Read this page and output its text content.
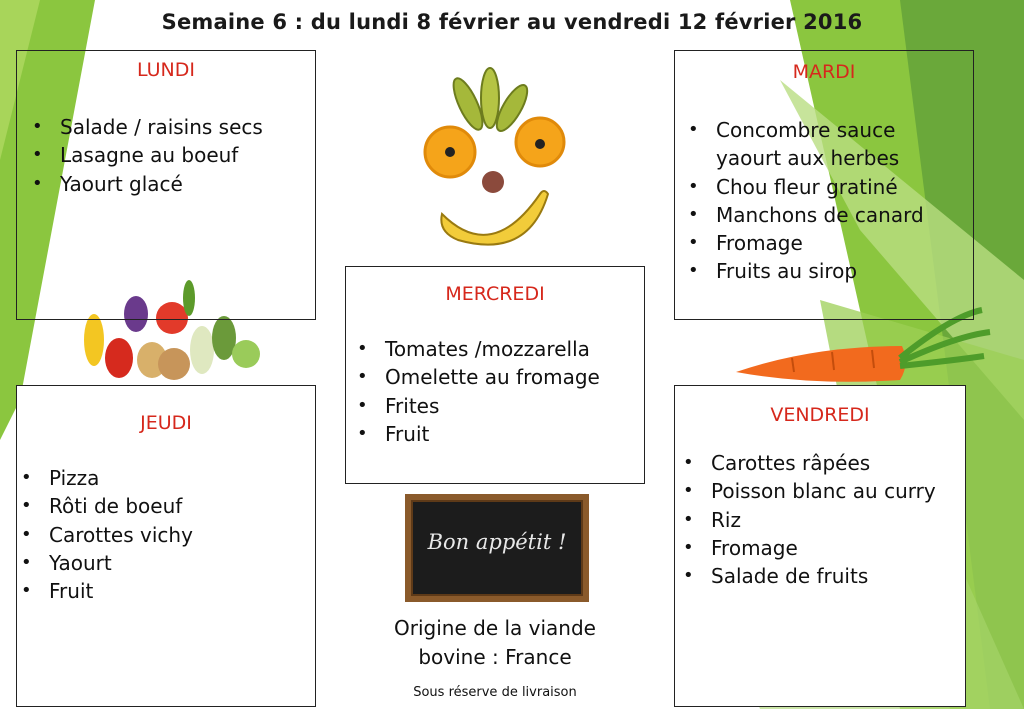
Semaine 6 : du lundi 8 février au vendredi 12 février 2016
LUNDI
• Salade / raisins secs
• Lasagne au boeuf
• Yaourt glacé
MARDI
• Concombre sauce
yaourt aux herbes
• Chou fleur gratiné
• Manchons de canard
• Fromage
• Fruits au sirop
MERCREDI
• Tomates /mozzarella
• Omelette au fromage
• Frites
• Fruit
JEUDI
• Pizza
• Rôti de boeuf
• Carottes vichy
• Yaourt
• Fruit
VENDREDI
• Carottes râpées
• Poisson blanc au curry
• Riz
• Fromage
• Salade de fruits
Bon appétit !
Origine de la viande
bovine : France
Sous réserve de livraison
